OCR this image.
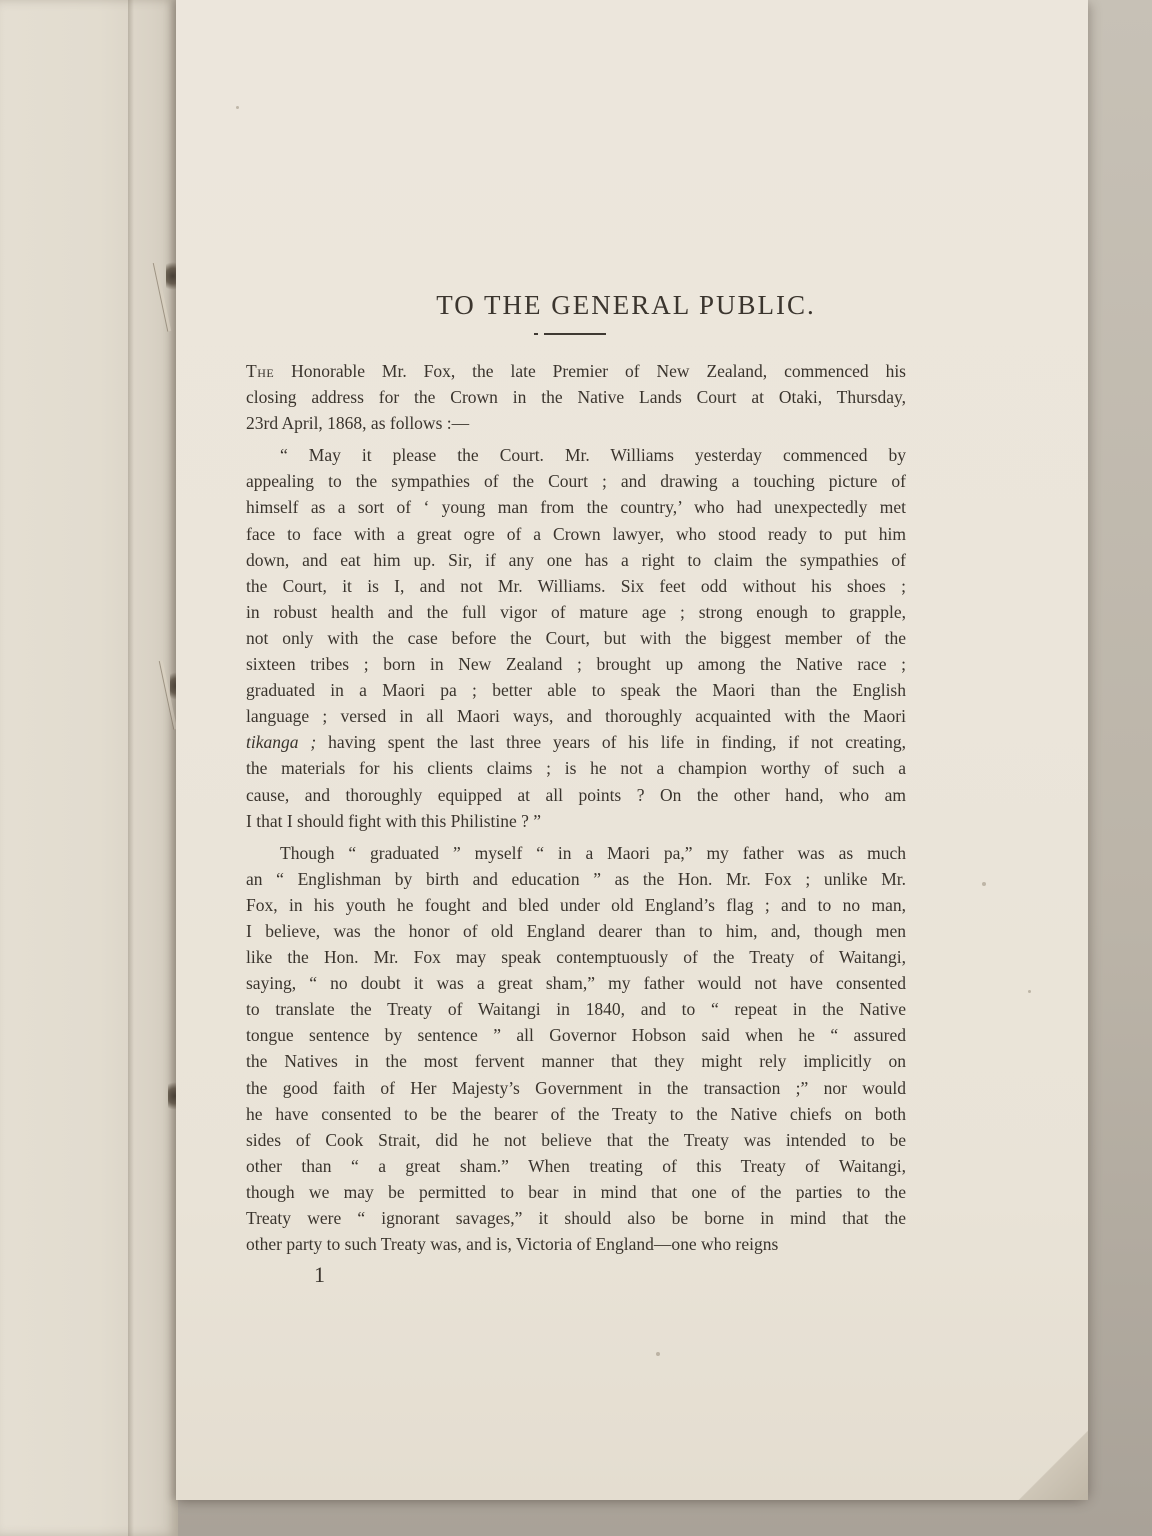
TO THE GENERAL PUBLIC.
The Honorable Mr. Fox, the late Premier of New Zealand, commenced his
closing address for the Crown in the Native Lands Court at Otaki, Thursday,
23rd April, 1868, as follows :—
“ May it please the Court. Mr. Williams yesterday commenced by
appealing to the sympathies of the Court ; and drawing a touching picture of
himself as a sort of ‘ young man from the country,’ who had unexpectedly met
face to face with a great ogre of a Crown lawyer, who stood ready to put him
down, and eat him up. Sir, if any one has a right to claim the sympathies of
the Court, it is I, and not Mr. Williams. Six feet odd without his shoes ;
in robust health and the full vigor of mature age ; strong enough to grapple,
not only with the case before the Court, but with the biggest member of the
sixteen tribes ; born in New Zealand ; brought up among the Native race ;
graduated in a Maori pa ; better able to speak the Maori than the English
language ; versed in all Maori ways, and thoroughly acquainted with the Maori
tikanga ; having spent the last three years of his life in finding, if not creating,
the materials for his clients claims ; is he not a champion worthy of such a
cause, and thoroughly equipped at all points ? On the other hand, who am
I that I should fight with this Philistine ? ”
Though “ graduated ” myself “ in a Maori pa,” my father was as much
an “ Englishman by birth and education ” as the Hon. Mr. Fox ; unlike Mr.
Fox, in his youth he fought and bled under old England’s flag ; and to no man,
I believe, was the honor of old England dearer than to him, and, though men
like the Hon. Mr. Fox may speak contemptuously of the Treaty of Waitangi,
saying, “ no doubt it was a great sham,” my father would not have consented
to translate the Treaty of Waitangi in 1840, and to “ repeat in the Native
tongue sentence by sentence ” all Governor Hobson said when he “ assured
the Natives in the most fervent manner that they might rely implicitly on
the good faith of Her Majesty’s Government in the transaction ;” nor would
he have consented to be the bearer of the Treaty to the Native chiefs on both
sides of Cook Strait, did he not believe that the Treaty was intended to be
other than “ a great sham.” When treating of this Treaty of Waitangi,
though we may be permitted to bear in mind that one of the parties to the
Treaty were “ ignorant savages,” it should also be borne in mind that the
other party to such Treaty was, and is, Victoria of England—one who reigns
1
